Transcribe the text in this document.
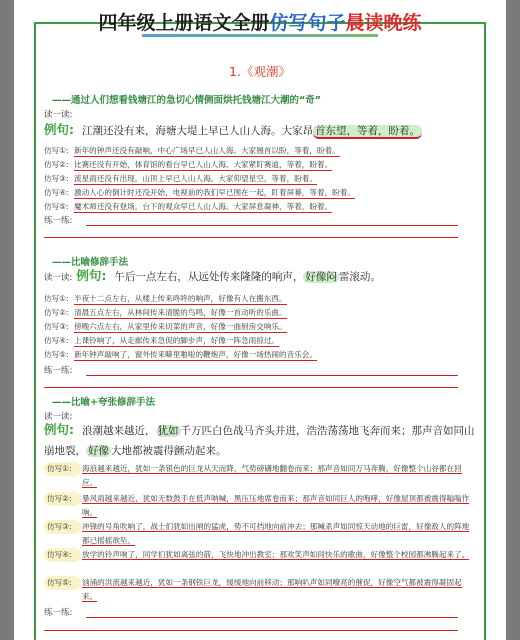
四年级上册语文全册仿写句子晨读晚练
1.《观潮》
——通过人们想看钱塘江的急切心情侧面烘托钱塘江大潮的“奇”
读一读:
例句: 江潮还没有来，海塘大堤上早已人山人海。大家昂 首东望，等着，盼着。
仿写①: 新年的钟声还没有敲响，中心广场早已人山人海。大家翘首以盼，等着，盼着。
仿写②: 比赛还没有开始，体育馆的看台早已人山人海。大家紧盯赛道，等着，盼着。
仿写③: 流星雨还没有出现，山顶上早已人山人海。大家仰望星空，等着，盼着。
仿写④: 激动人心的倒计时还没开始，电视前的我们早已围在一起，盯着屏幕，等着，盼着。
仿写⑤: 魔术师还没有登场，台下的观众早已人山人海。大家屏息凝神，等着，盼着。
练一练:
——比喻修辞手法
读一读: 例句: 午后一点左右，从远处传来隆隆的响声， 好像闷 雷滚动。
仿写①: 半夜十二点左右，从楼上传来咚咚的响声，好像有人在搬东西。
仿写②: 清晨五点左右，从林间传来清脆的鸟鸣，好像一首动听的乐曲。
仿写③: 傍晚六点左右，从家里传来切菜的声音，好像一曲厨房交响乐。
仿写④: 上课铃响了，从走廊传来急促的脚步声，好像一阵急雨掠过。
仿写⑤: 新年钟声敲响了，窗外传来噼里啪啦的鞭炮声，好像一场热闹的音乐会。
练一练:
——比喻+夸张修辞手法
读一读:
例句: 浪潮越来越近， 犹如 千万匹白色战马齐头并进，浩浩荡荡地飞奔而来；那声音如同山崩地裂， 好像 大地都被震得颤动起来。
仿写①:	海浪越来越近，犹如一条银色的巨龙从天而降，气势磅礴地翻卷而来；那声音如同万马奔腾，好像整个山谷都在回应。
仿写②:	暴风雨越来越近，犹如无数鼓手在低声呐喊，黑压压地席卷而来；那声音如同巨人的咆哮，好像屋顶都被震得嗡嗡作响。
仿写③:	冲锋的号角吹响了，战士们犹如出闸的猛虎，势不可挡地向前冲去；那喊杀声如同惊天动地的巨雷，好像敌人的阵地都已摇摇欲坠。
仿写④:	放学的铃声响了，同学们犹如离弦的箭，飞快地冲出教室；那欢笑声如同快乐的歌曲，好像整个校园都沸腾起来了。
仿写⑤:	汹涌的洪流越来越近，犹如一条钢铁巨龙，缓缓地向前移动；那响叭声如同嘹亮的催促，好像空气都被震得凝固起来。
练一练:
